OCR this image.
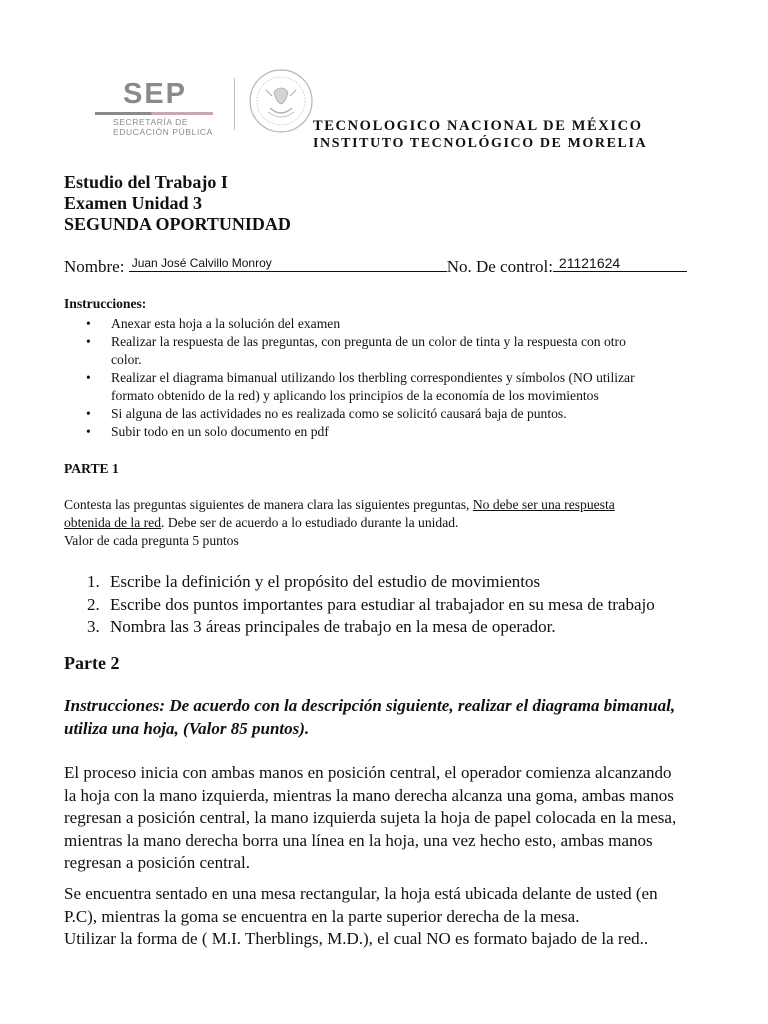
SEP
SECRETARÍA DE
EDUCACIÓN PÚBLICA	TECNOLOGICO NACIONAL DE MÉXICO
INSTITUTO TECNOLÓGICO DE MORELIA
Estudio del Trabajo I
Examen Unidad 3
SEGUNDA OPORTUNIDAD
Nombre: Juan José Calvillo Monroy	No. De control: 21121624
Instrucciones:
• Anexar esta hoja a la solución del examen
• Realizar la respuesta de las preguntas, con pregunta de un color de tinta y la respuesta con otro
color.
• Realizar el diagrama bimanual utilizando los therbling correspondientes y símbolos (NO utilizar
formato obtenido de la red) y aplicando los principios de la economía de los movimientos
• Si alguna de las actividades no es realizada como se solicitó causará baja de puntos.
• Subir todo en un solo documento en pdf
PARTE 1
Contesta las preguntas siguientes de manera clara las siguientes preguntas, No debe ser una respuesta
obtenida de la red. Debe ser de acuerdo a lo estudiado durante la unidad.
Valor de cada pregunta 5 puntos
1. Escribe la definición y el propósito del estudio de movimientos
2. Escribe dos puntos importantes para estudiar al trabajador en su mesa de trabajo
3. Nombra las 3 áreas principales de trabajo en la mesa de operador.
Parte 2
Instrucciones: De acuerdo con la descripción siguiente, realizar el diagrama bimanual,
utiliza una hoja, (Valor 85 puntos).
El proceso inicia con ambas manos en posición central, el operador comienza alcanzando
la hoja con la mano izquierda, mientras la mano derecha alcanza una goma, ambas manos
regresan a posición central, la mano izquierda sujeta la hoja de papel colocada en la mesa,
mientras la mano derecha borra una línea en la hoja, una vez hecho esto, ambas manos
regresan a posición central.
Se encuentra sentado en una mesa rectangular, la hoja está ubicada delante de usted (en
P.C), mientras la goma se encuentra en la parte superior derecha de la mesa.
Utilizar la forma de ( M.I. Therblings, M.D.), el cual NO es formato bajado de la red..
